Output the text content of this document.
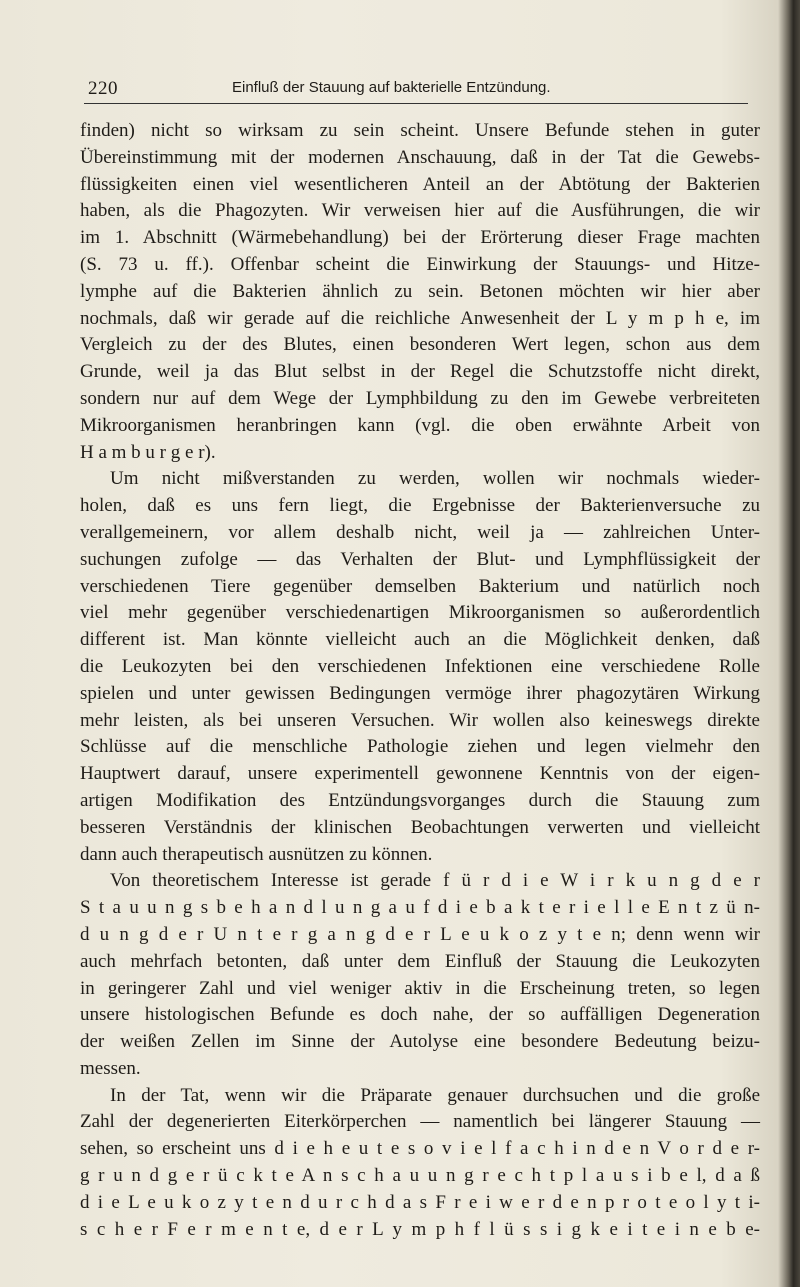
220	Einfluß der Stauung auf bakterielle Entzündung.
finden) nicht so wirksam zu sein scheint. Unsere Befunde stehen in guter
Übereinstimmung mit der modernen Anschauung, daß in der Tat die Gewebs-
flüssigkeiten einen viel wesentlicheren Anteil an der Abtötung der Bakterien
haben, als die Phagozyten. Wir verweisen hier auf die Ausführungen, die wir
im 1. Abschnitt (Wärmebehandlung) bei der Erörterung dieser Frage machten
(S. 73 u. ff.). Offenbar scheint die Einwirkung der Stauungs- und Hitze-
lymphe auf die Bakterien ähnlich zu sein. Betonen möchten wir hier aber
nochmals, daß wir gerade auf die reichliche Anwesenheit der L y m p h e, im
Vergleich zu der des Blutes, einen besonderen Wert legen, schon aus dem
Grunde, weil ja das Blut selbst in der Regel die Schutzstoffe nicht direkt,
sondern nur auf dem Wege der Lymphbildung zu den im Gewebe verbreiteten
Mikroorganismen heranbringen kann (vgl. die oben erwähnte Arbeit von
H a m b u r g e r).
Um nicht mißverstanden zu werden, wollen wir nochmals wieder-
holen, daß es uns fern liegt, die Ergebnisse der Bakterienversuche zu
verallgemeinern, vor allem deshalb nicht, weil ja — zahlreichen Unter-
suchungen zufolge — das Verhalten der Blut- und Lymphflüssigkeit der
verschiedenen Tiere gegenüber demselben Bakterium und natürlich noch
viel mehr gegenüber verschiedenartigen Mikroorganismen so außerordentlich
different ist. Man könnte vielleicht auch an die Möglichkeit denken, daß
die Leukozyten bei den verschiedenen Infektionen eine verschiedene Rolle
spielen und unter gewissen Bedingungen vermöge ihrer phagozytären Wirkung
mehr leisten, als bei unseren Versuchen. Wir wollen also keineswegs direkte
Schlüsse auf die menschliche Pathologie ziehen und legen vielmehr den
Hauptwert darauf, unsere experimentell gewonnene Kenntnis von der eigen-
artigen Modifikation des Entzündungsvorganges durch die Stauung zum
besseren Verständnis der klinischen Beobachtungen verwerten und vielleicht
dann auch therapeutisch ausnützen zu können.
Von theoretischem Interesse ist gerade f ü r d i e W i r k u n g d e r
S t a u u n g s b e h a n d l u n g a u f d i e b a k t e r i e l l e E n t z ü n-
d u n g d e r U n t e r g a n g d e r L e u k o z y t e n; denn wenn wir
auch mehrfach betonten, daß unter dem Einfluß der Stauung die Leukozyten
in geringerer Zahl und viel weniger aktiv in die Erscheinung treten, so legen
unsere histologischen Befunde es doch nahe, der so auffälligen Degeneration
der weißen Zellen im Sinne der Autolyse eine besondere Bedeutung beizu-
messen.
In der Tat, wenn wir die Präparate genauer durchsuchen und die große
Zahl der degenerierten Eiterkörperchen — namentlich bei längerer Stauung —
sehen, so erscheint uns d i e h e u t e s o v i e l f a c h i n d e n V o r d e r-
g r u n d g e r ü c k t e A n s c h a u u n g r e c h t p l a u s i b e l, d a ß
d i e L e u k o z y t e n d u r c h d a s F r e i w e r d e n p r o t e o l y t i-
s c h e r F e r m e n t e, d e r L y m p h f l ü s s i g k e i t e i n e b e-
